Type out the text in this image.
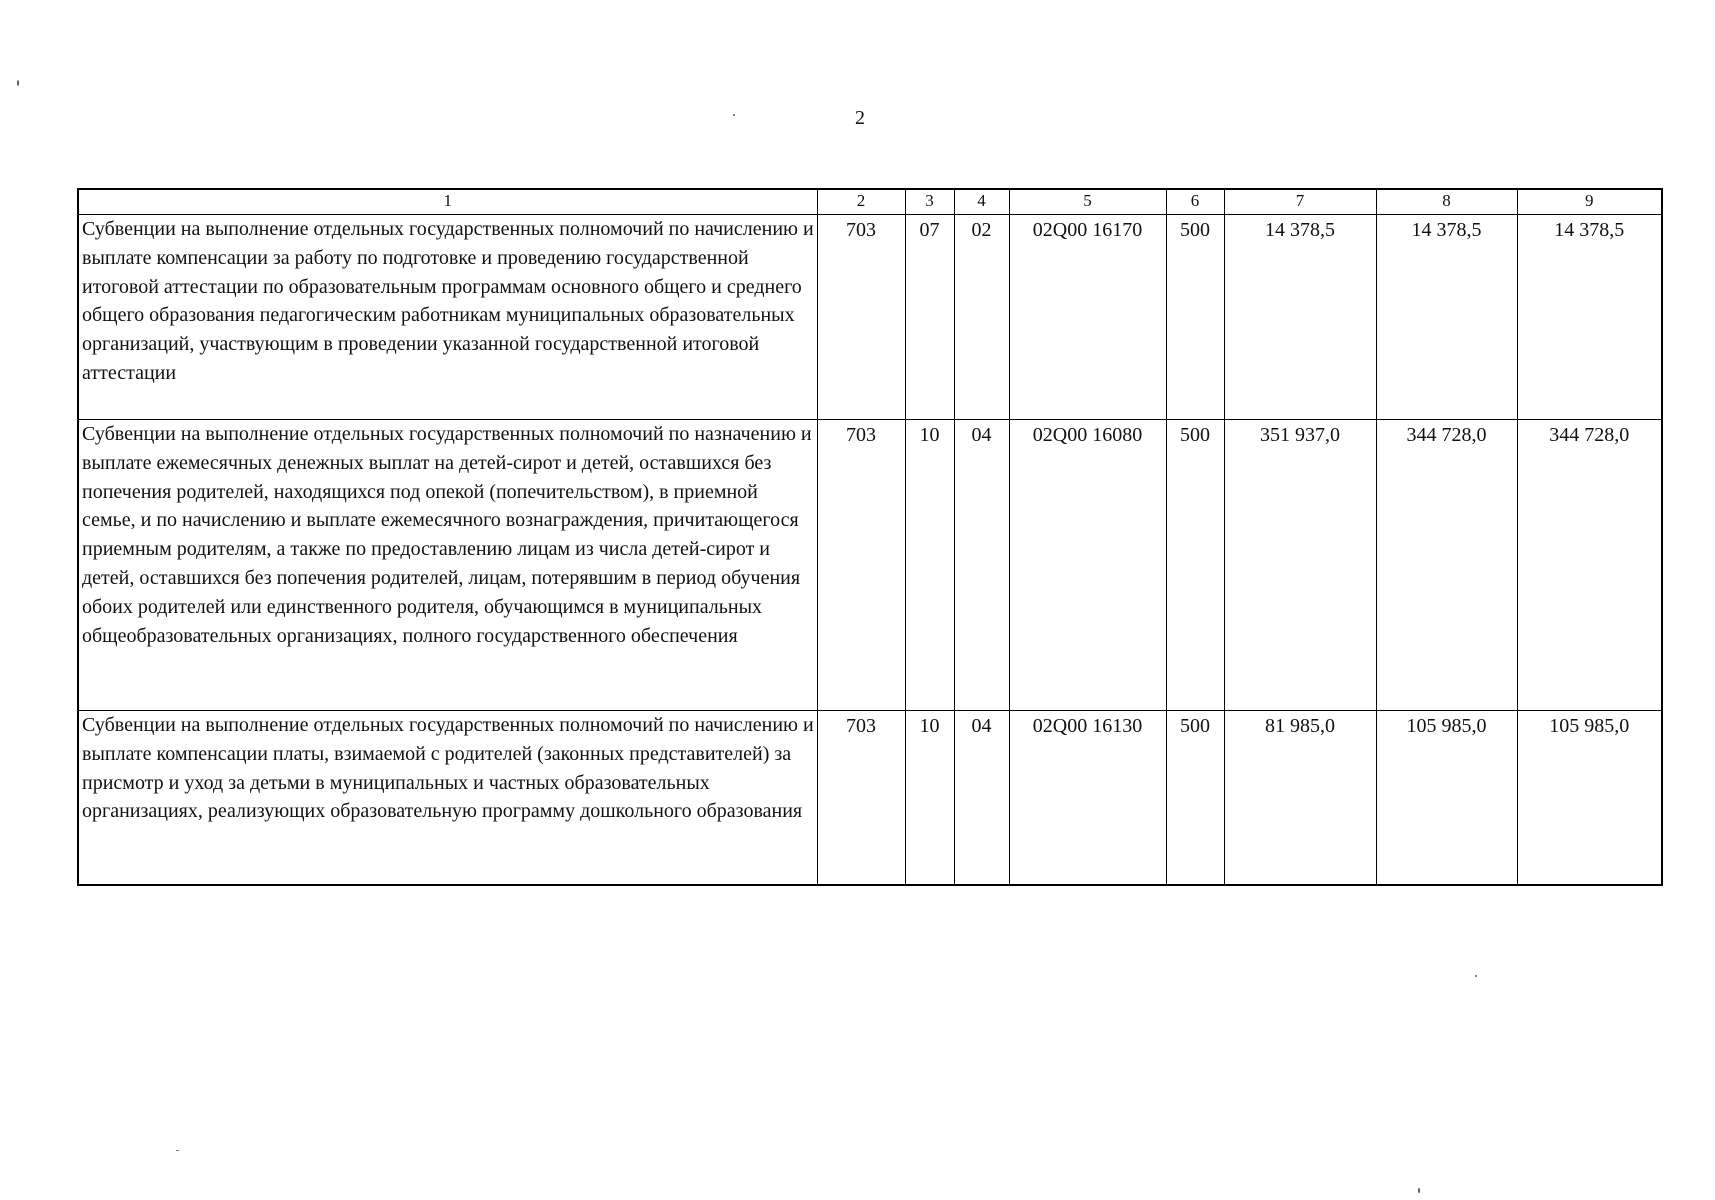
2
1	2	3	4	5	6	7	8	9
Субвенции на выполнение отдельных государственных полномочий по начислению и выплате компенсации за работу по подготовке и проведению государственной итоговой аттестации по образовательным программам основного общего и среднего общего образования педагогическим работникам муниципальных образовательных организаций, участвующим в проведении указанной государственной итоговой аттестации	703	07	02	02Q00 16170	500	14 378,5	14 378,5	14 378,5
Субвенции на выполнение отдельных государственных полномочий по назначению и выплате ежемесячных денежных выплат на детей-сирот и детей, оставшихся без попечения родителей, находящихся под опекой (попечительством), в приемной семье, и по начислению и выплате ежемесячного вознаграждения, причитающегося приемным родителям, а также по предоставлению лицам из числа детей-сирот и детей, оставшихся без попечения родителей, лицам, потерявшим в период обучения обоих родителей или единственного родителя, обучающимся в муниципальных общеобразовательных организациях, полного государственного обеспечения	703	10	04	02Q00 16080	500	351 937,0	344 728,0	344 728,0
Субвенции на выполнение отдельных государственных полномочий по начислению и выплате компенсации платы, взимаемой с родителей (законных представителей) за присмотр и уход за детьми в муниципальных и частных образовательных организациях, реализующих образовательную программу дошкольного образования	703	10	04	02Q00 16130	500	81 985,0	105 985,0	105 985,0
